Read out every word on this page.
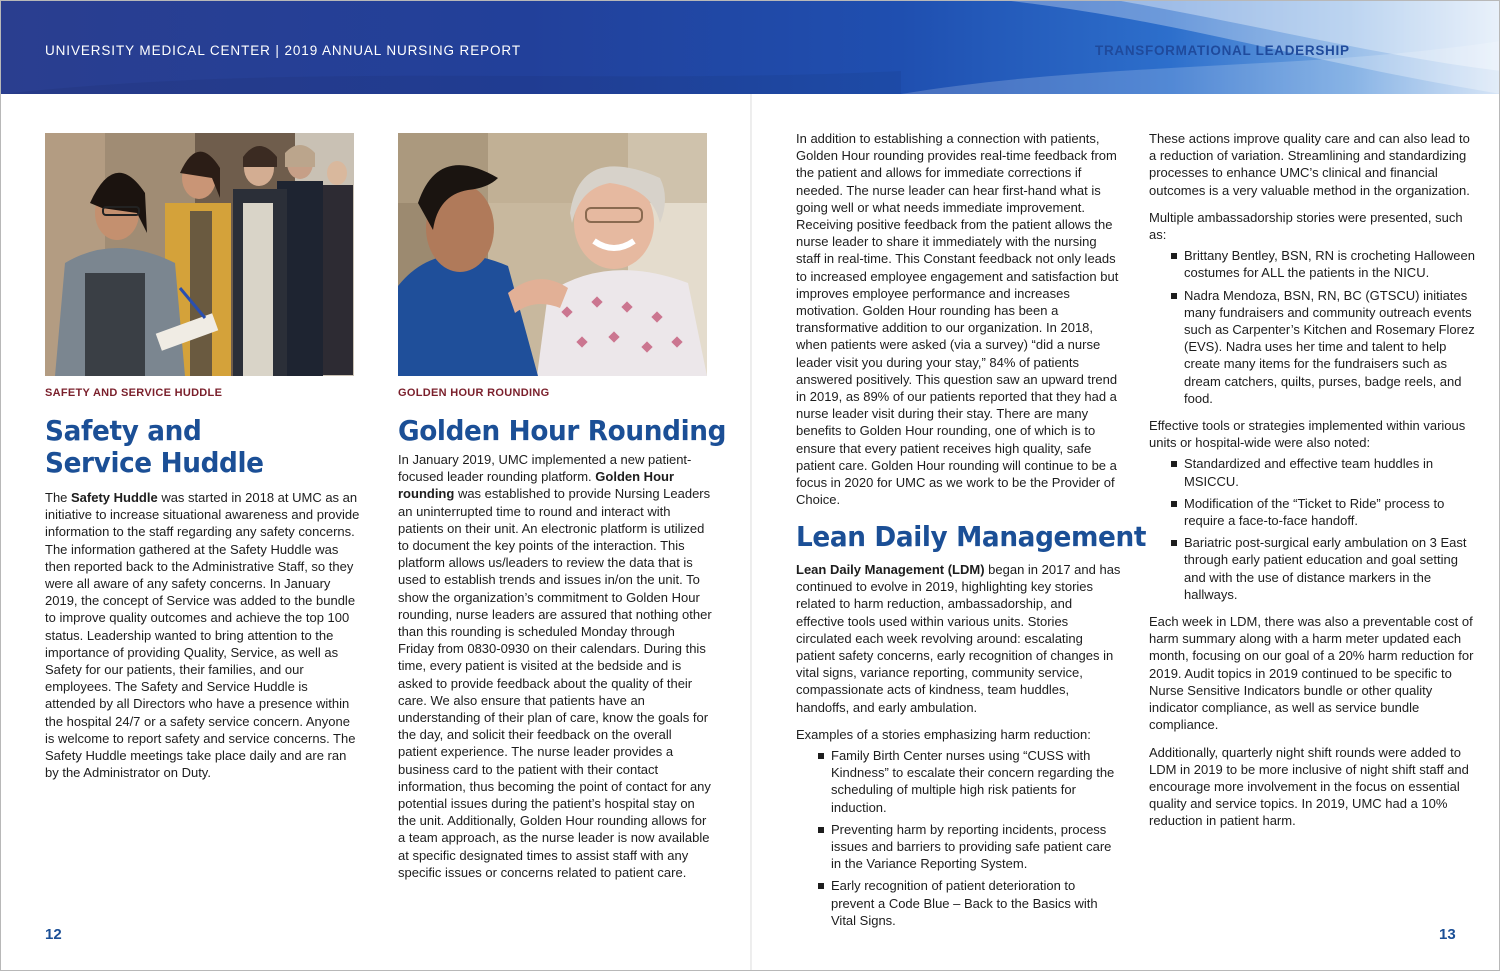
UNIVERSITY MEDICAL CENTER | 2019 ANNUAL NURSING REPORT	TRANSFORMATIONAL LEADERSHIP
SAFETY AND SERVICE HUDDLE
Safety and
Service Huddle

The Safety Huddle was started in 2018 at UMC as an initiative to increase situational awareness and provide information to the staff regarding any safety concerns. The information gathered at the Safety Huddle was then reported back to the Administrative Staff, so they were all aware of any safety concerns. In January 2019, the concept of Service was added to the bundle to improve quality outcomes and achieve the top 100 status. Leadership wanted to bring attention to the importance of providing Quality, Service, as well as Safety for our patients, their families, and our employees. The Safety and Service Huddle is attended by all Directors who have a presence within the hospital 24/7 or a safety service concern. Anyone is welcome to report safety and service concerns. The Safety Huddle meetings take place daily and are ran by the Administrator on Duty.

GOLDEN HOUR ROUNDING
Golden Hour Rounding

In January 2019, UMC implemented a new patient-focused leader rounding platform. Golden Hour rounding was established to provide Nursing Leaders an uninterrupted time to round and interact with patients on their unit. An electronic platform is utilized to document the key points of the interaction. This platform allows us/leaders to review the data that is used to establish trends and issues in/on the unit. To show the organization’s commitment to Golden Hour rounding, nurse leaders are assured that nothing other than this rounding is scheduled Monday through Friday from 0830-0930 on their calendars. During this time, every patient is visited at the bedside and is asked to provide feedback about the quality of their care. We also ensure that patients have an understanding of their plan of care, know the goals for the day, and solicit their feedback on the overall patient experience. The nurse leader provides a business card to the patient with their contact information, thus becoming the point of contact for any potential issues during the patient’s hospital stay on the unit. Additionally, Golden Hour rounding allows for a team approach, as the nurse leader is now available at specific designated times to assist staff with any specific issues or concerns related to patient care.

In addition to establishing a connection with patients, Golden Hour rounding provides real-time feedback from the patient and allows for immediate corrections if needed. The nurse leader can hear first-hand what is going well or what needs immediate improvement. Receiving positive feedback from the patient allows the nurse leader to share it immediately with the nursing staff in real-time. This Constant feedback not only leads to increased employee engagement and satisfaction but improves employee performance and increases motivation. Golden Hour rounding has been a transformative addition to our organization. In 2018, when patients were asked (via a survey) “did a nurse leader visit you during your stay,” 84% of patients answered positively. This question saw an upward trend in 2019, as 89% of our patients reported that they had a nurse leader visit during their stay. There are many benefits to Golden Hour rounding, one of which is to ensure that every patient receives high quality, safe patient care. Golden Hour rounding will continue to be a focus in 2020 for UMC as we work to be the Provider of Choice.

Lean Daily Management

Lean Daily Management (LDM) began in 2017 and has continued to evolve in 2019, highlighting key stories related to harm reduction, ambassadorship, and effective tools used within various units. Stories circulated each week revolving around: escalating patient safety concerns, early recognition of changes in vital signs, variance reporting, community service, compassionate acts of kindness, team huddles, handoffs, and early ambulation.

Examples of a stories emphasizing harm reduction:

Family Birth Center nurses using “CUSS with Kindness” to escalate their concern regarding the scheduling of multiple high risk patients for induction.
Preventing harm by reporting incidents, process issues and barriers to providing safe patient care in the Variance Reporting System.
Early recognition of patient deterioration to prevent a Code Blue – Back to the Basics with Vital Signs.

These actions improve quality care and can also lead to a reduction of variation. Streamlining and standardizing processes to enhance UMC’s clinical and financial outcomes is a very valuable method in the organization.

Multiple ambassadorship stories were presented, such as:

Brittany Bentley, BSN, RN is crocheting Halloween costumes for ALL the patients in the NICU.
Nadra Mendoza, BSN, RN, BC (GTSCU) initiates many fundraisers and community outreach events such as Carpenter’s Kitchen and Rosemary Florez (EVS). Nadra uses her time and talent to help create many items for the fundraisers such as dream catchers, quilts, purses, badge reels, and food.

Effective tools or strategies implemented within various units or hospital-wide were also noted:

Standardized and effective team huddles in MSICCU.
Modification of the “Ticket to Ride” process to require a face-to-face handoff.
Bariatric post-surgical early ambulation on 3 East through early patient education and goal setting and with the use of distance markers in the hallways.

Each week in LDM, there was also a preventable cost of harm summary along with a harm meter updated each month, focusing on our goal of a 20% harm reduction for 2019. Audit topics in 2019 continued to be specific to Nurse Sensitive Indicators bundle or other quality indicator compliance, as well as service bundle compliance.

Additionally, quarterly night shift rounds were added to LDM in 2019 to be more inclusive of night shift staff and encourage more involvement in the focus on essential quality and service topics. In 2019, UMC had a 10% reduction in patient harm.

12	13
